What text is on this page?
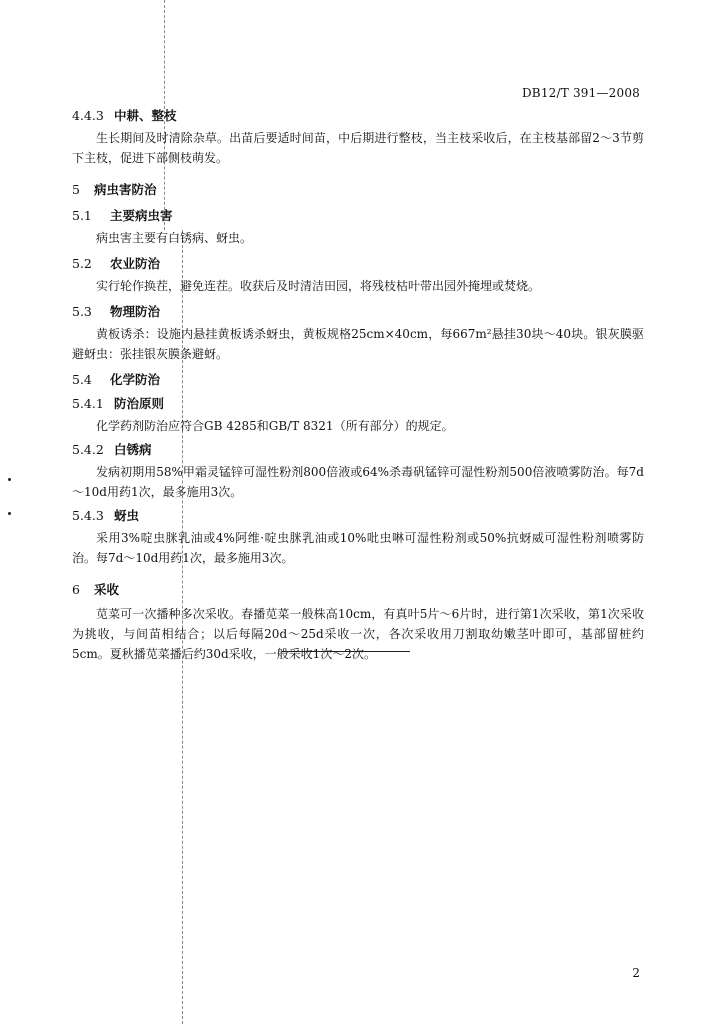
DB12/T 391—2008
4.4.3 中耕、整枝

生长期间及时清除杂草。出苗后要适时间苗，中后期进行整枝，当主枝采收后，在主枝基部留2～3节剪下主枝，促进下部侧枝萌发。

5 病虫害防治
5.1 主要病虫害

病虫害主要有白锈病、蚜虫。

5.2 农业防治

实行轮作换茬，避免连茬。收获后及时清洁田园，将残枝枯叶带出园外掩埋或焚烧。

5.3 物理防治

黄板诱杀：设施内悬挂黄板诱杀蚜虫，黄板规格25cm×40cm，每667m²悬挂30块～40块。银灰膜驱避蚜虫：张挂银灰膜条避蚜。

5.4 化学防治
5.4.1 防治原则

化学药剂防治应符合GB 4285和GB/T 8321（所有部分）的规定。

5.4.2 白锈病

发病初期用58%甲霜灵锰锌可湿性粉剂800倍液或64%杀毒矾锰锌可湿性粉剂500倍液喷雾防治。每7d～10d用药1次，最多施用3次。

5.4.3 蚜虫

采用3%啶虫脒乳油或4%阿维·啶虫脒乳油或10%吡虫啉可湿性粉剂或50%抗蚜威可湿性粉剂喷雾防治。每7d～10d用药1次，最多施用3次。

6 采收

苋菜可一次播种多次采收。春播苋菜一般株高10cm，有真叶5片～6片时，进行第1次采收，第1次采收为挑收，与间苗相结合；以后每隔20d～25d采收一次，各次采收用刀割取幼嫩茎叶即可，基部留桩约5cm。夏秋播苋菜播后约30d采收，一般采收1次～2次。

2
